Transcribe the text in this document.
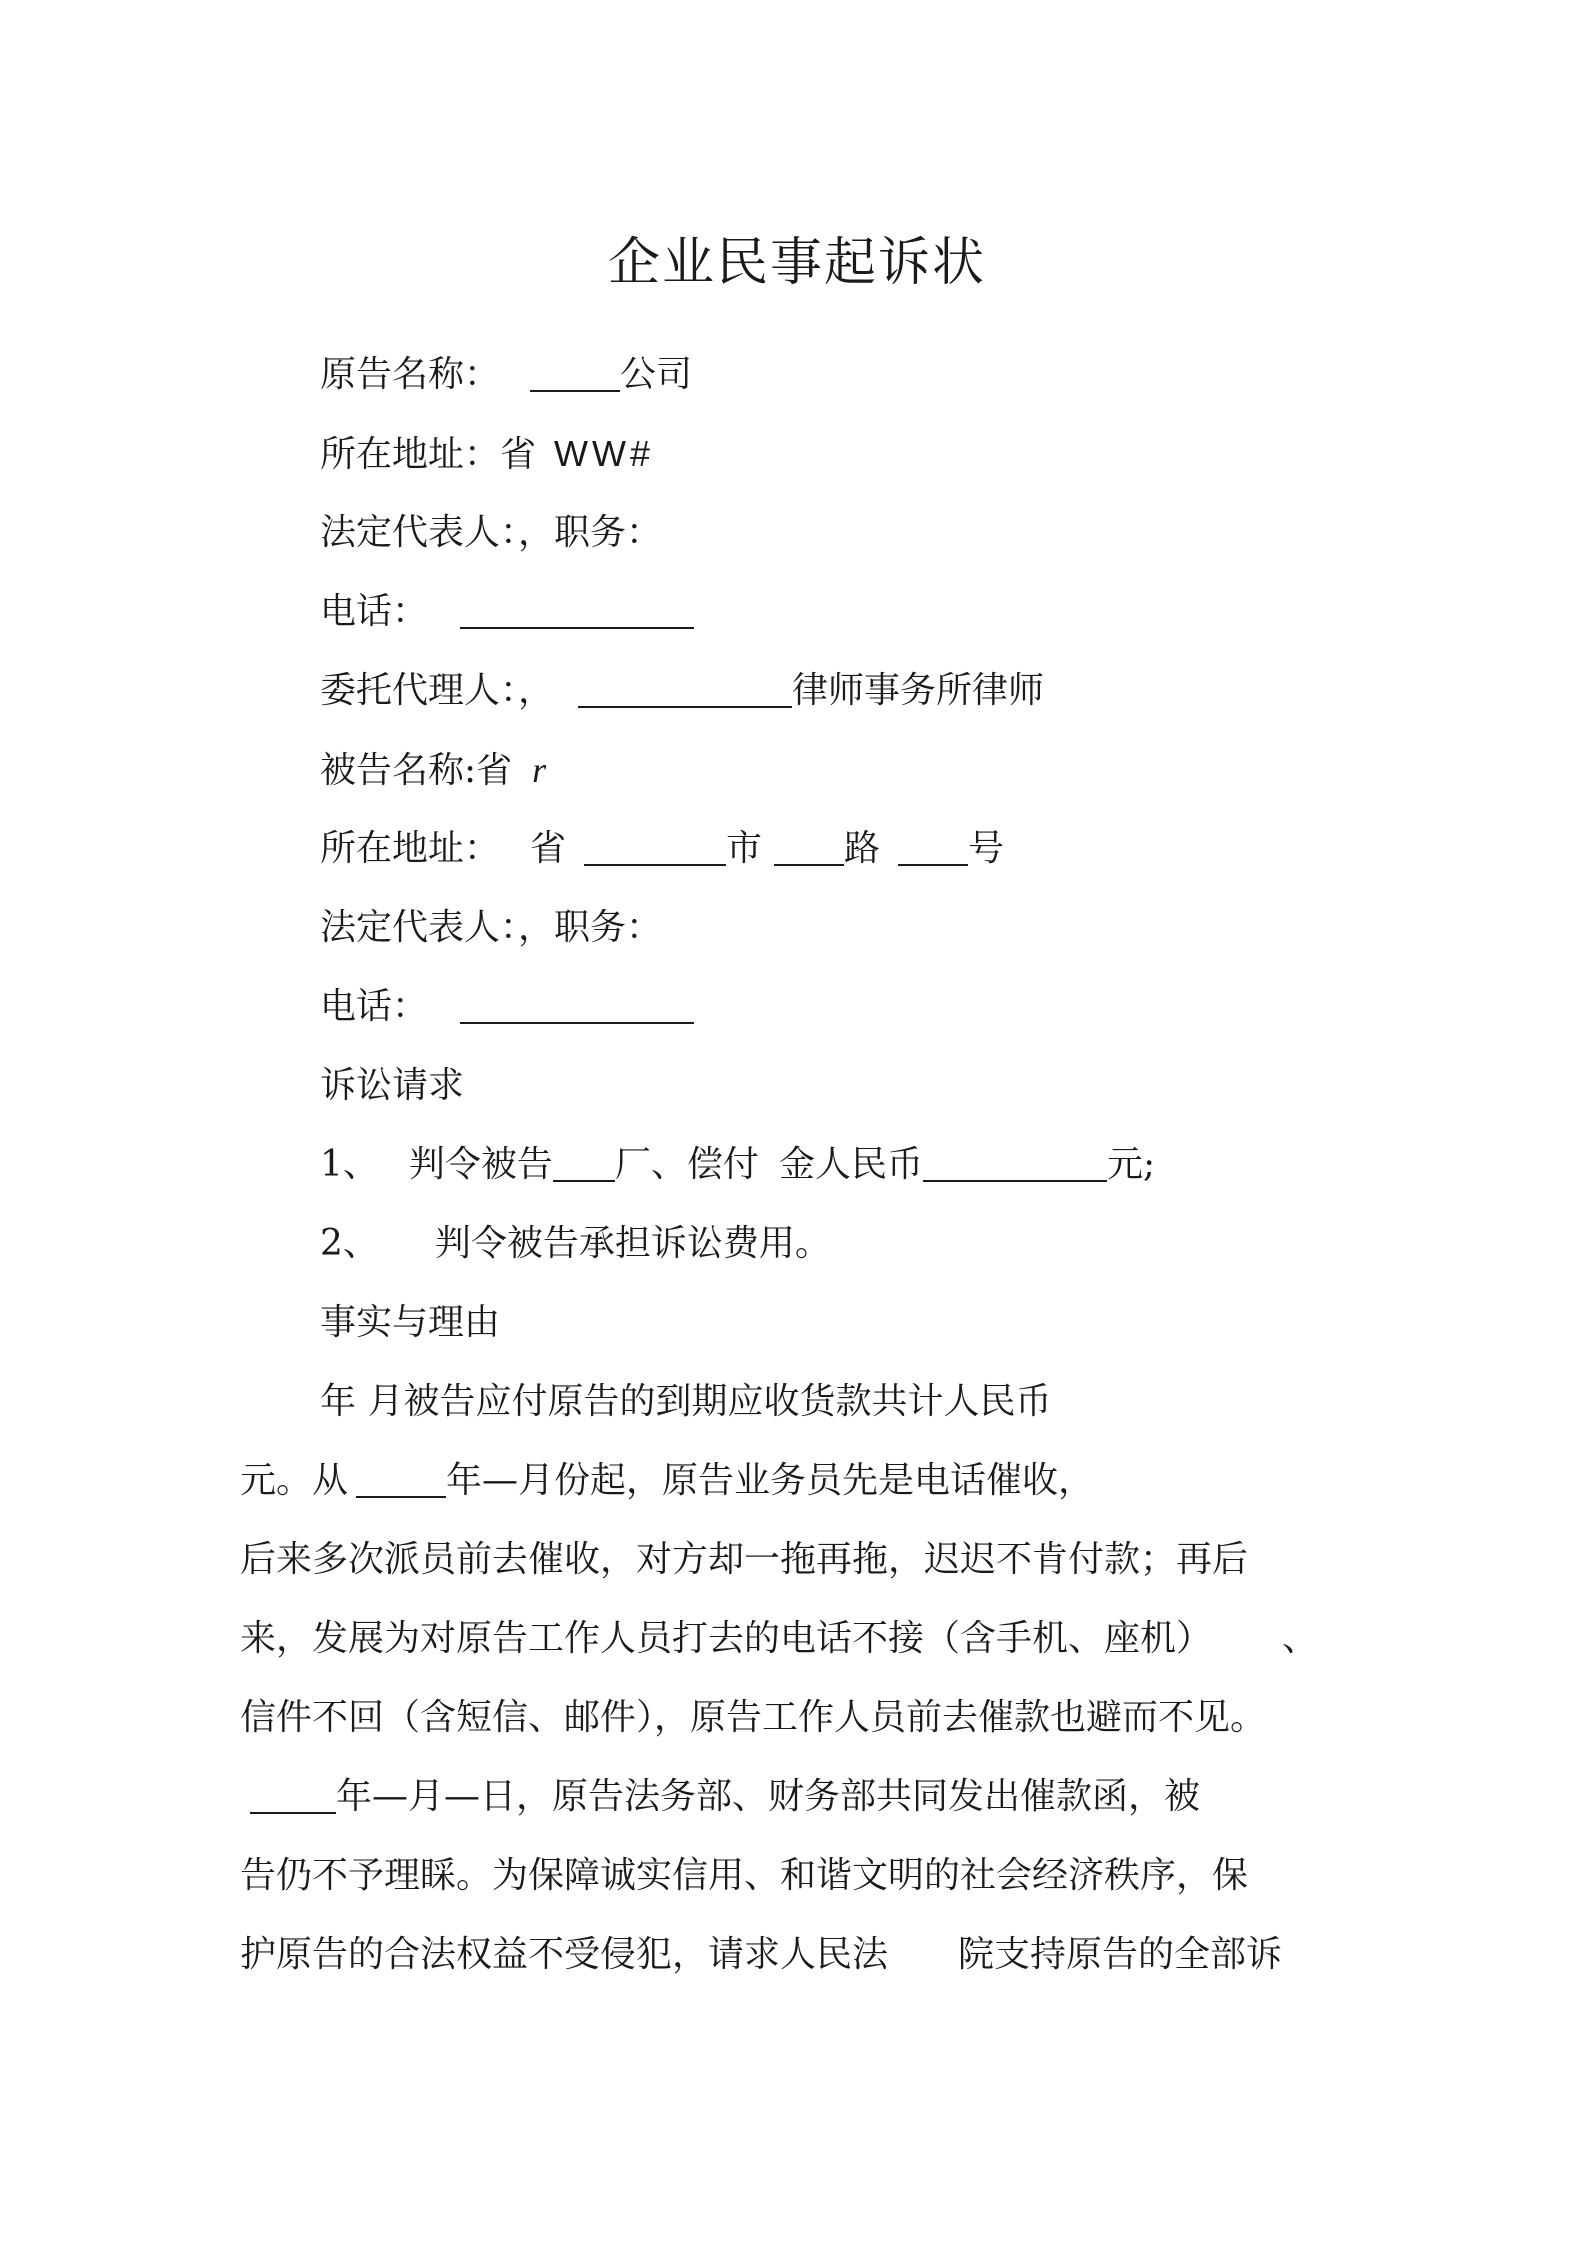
企业民事起诉状
原告名称：	公司
所在地址：省 WW#
法定代表人：，职务：
电话：
委托代理人：，	律师事务所律师
被告名称:省 r
所在地址： 省	市 路 号
法定代表人：，职务：
电话：
诉讼请求
1、 判令被告 厂、偿付 金人民币	元;
2、 判令被告承担诉讼费用。
事实与理由
年 月被告应付原告的到期应收货款共计人民币
元。从	年—月份起，原告业务员先是电话催收，
后来多次派员前去催收，对方却一拖再拖，迟迟不肯付款；再后
来，发展为对原告工作人员打去的电话不接（含手机、座机） 、
信件不回（含短信、邮件），原告工作人员前去催款也避而不见。
年—月—日，原告法务部、财务部共同发出催款函，被
告仍不予理睬。为保障诚实信用、和谐文明的社会经济秩序，保
护原告的合法权益不受侵犯，请求人民法 院支持原告的全部诉
